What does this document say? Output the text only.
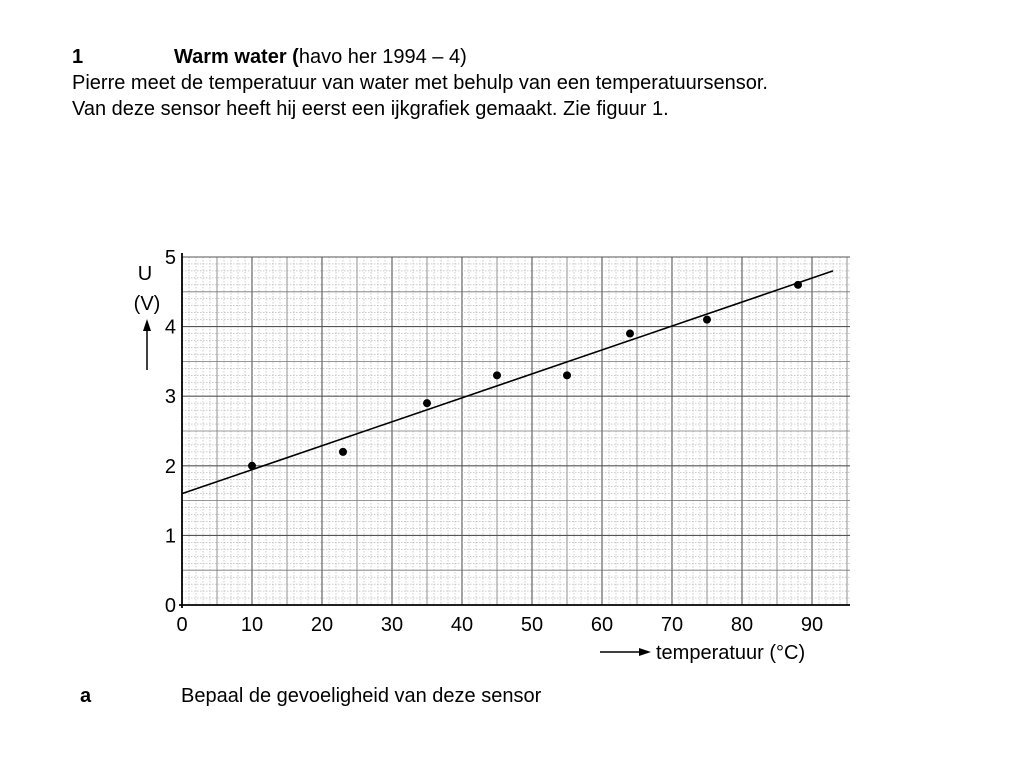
1	Warm water (havo her 1994 – 4)
Pierre meet de temperatuur van water met behulp van een temperatuursensor.
Van deze sensor heeft hij eerst een ijkgrafiek gemaakt. Zie figuur 1.
0	10 20 30 40 50 60 70 80 90
0
1
2
3
4
5
U
(V)
temperatuur (°C)
a	Bepaal de gevoeligheid van deze sensor
